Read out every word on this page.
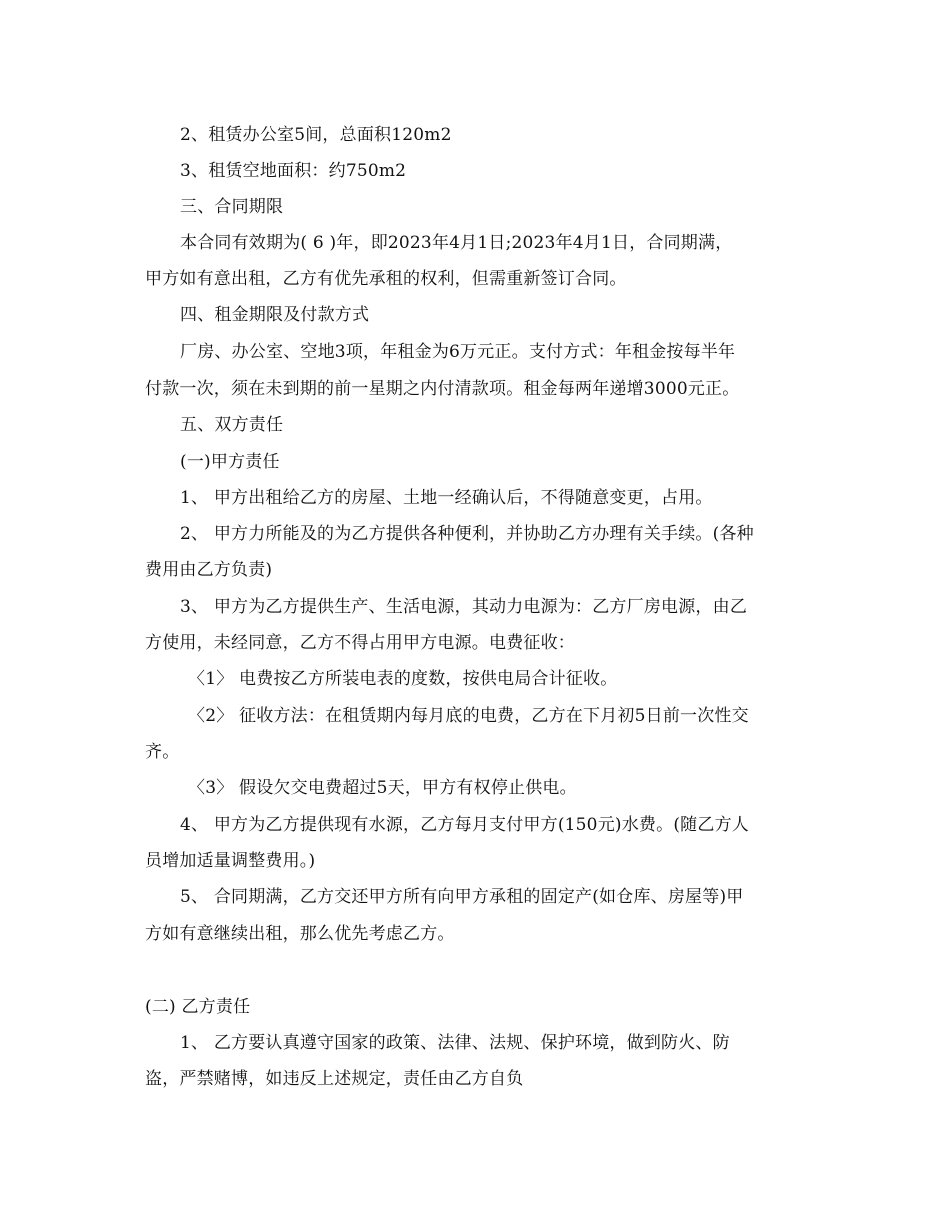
2、租赁办公室5间，总面积120m2
3、租赁空地面积：约750m2
三、合同期限
本合同有效期为( 6 )年，即2023年4月1日;2023年4月1日，合同期满，
甲方如有意出租，乙方有优先承租的权利，但需重新签订合同。
四、租金期限及付款方式
厂房、办公室、空地3项，年租金为6万元正。支付方式：年租金按每半年
付款一次，须在未到期的前一星期之内付清款项。租金每两年递增3000元正。
五、双方责任
(一)甲方责任
1、 甲方出租给乙方的房屋、土地一经确认后，不得随意变更，占用。
2、 甲方力所能及的为乙方提供各种便利，并协助乙方办理有关手续。(各种
费用由乙方负责)
3、 甲方为乙方提供生产、生活电源，其动力电源为：乙方厂房电源，由乙
方使用，未经同意，乙方不得占用甲方电源。电费征收：
〈1〉 电费按乙方所装电表的度数，按供电局合计征收。
〈2〉 征收方法：在租赁期内每月底的电费，乙方在下月初5日前一次性交
齐。
〈3〉 假设欠交电费超过5天，甲方有权停止供电。
4、 甲方为乙方提供现有水源，乙方每月支付甲方(150元)水费。(随乙方人
员增加适量调整费用。)
5、 合同期满，乙方交还甲方所有向甲方承租的固定产(如仓库、房屋等)甲
方如有意继续出租，那么优先考虑乙方。
(二) 乙方责任
1、 乙方要认真遵守国家的政策、法律、法规、保护环境，做到防火、防
盗，严禁赌博，如违反上述规定，责任由乙方自负
